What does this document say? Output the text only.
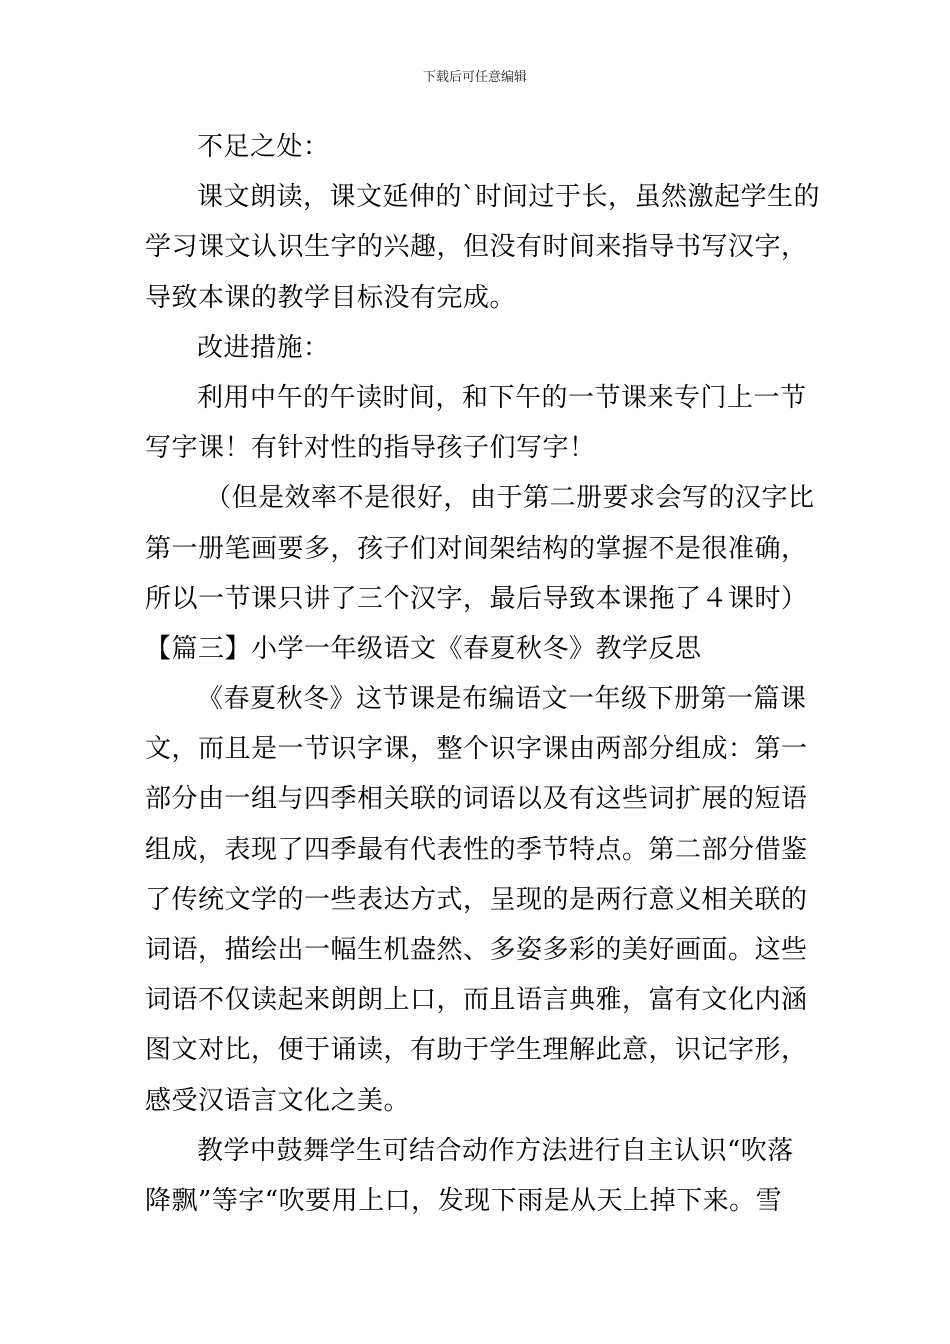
下载后可任意编辑
不足之处：
课文朗读，课文延伸的`时间过于长，虽然激起学生的
学习课文认识生字的兴趣，但没有时间来指导书写汉字，
导致本课的教学目标没有完成。
改进措施：
利用中午的午读时间，和下午的一节课来专门上一节
写字课！有针对性的指导孩子们写字！
（但是效率不是很好，由于第二册要求会写的汉字比
第一册笔画要多，孩子们对间架结构的掌握不是很准确，
所以一节课只讲了三个汉字，最后导致本课拖了４课时）
【篇三】小学一年级语文《春夏秋冬》教学反思
《春夏秋冬》这节课是布编语文一年级下册第一篇课
文，而且是一节识字课，整个识字课由两部分组成：第一
部分由一组与四季相关联的词语以及有这些词扩展的短语
组成，表现了四季最有代表性的季节特点。第二部分借鉴
了传统文学的一些表达方式，呈现的是两行意义相关联的
词语，描绘出一幅生机盎然、多姿多彩的美好画面。这些
词语不仅读起来朗朗上口，而且语言典雅，富有文化内涵
图文对比，便于诵读，有助于学生理解此意，识记字形，
感受汉语言文化之美。
教学中鼓舞学生可结合动作方法进行自主认识“吹落
降飘”等字“吹要用上口，发现下雨是从天上掉下来。雪
